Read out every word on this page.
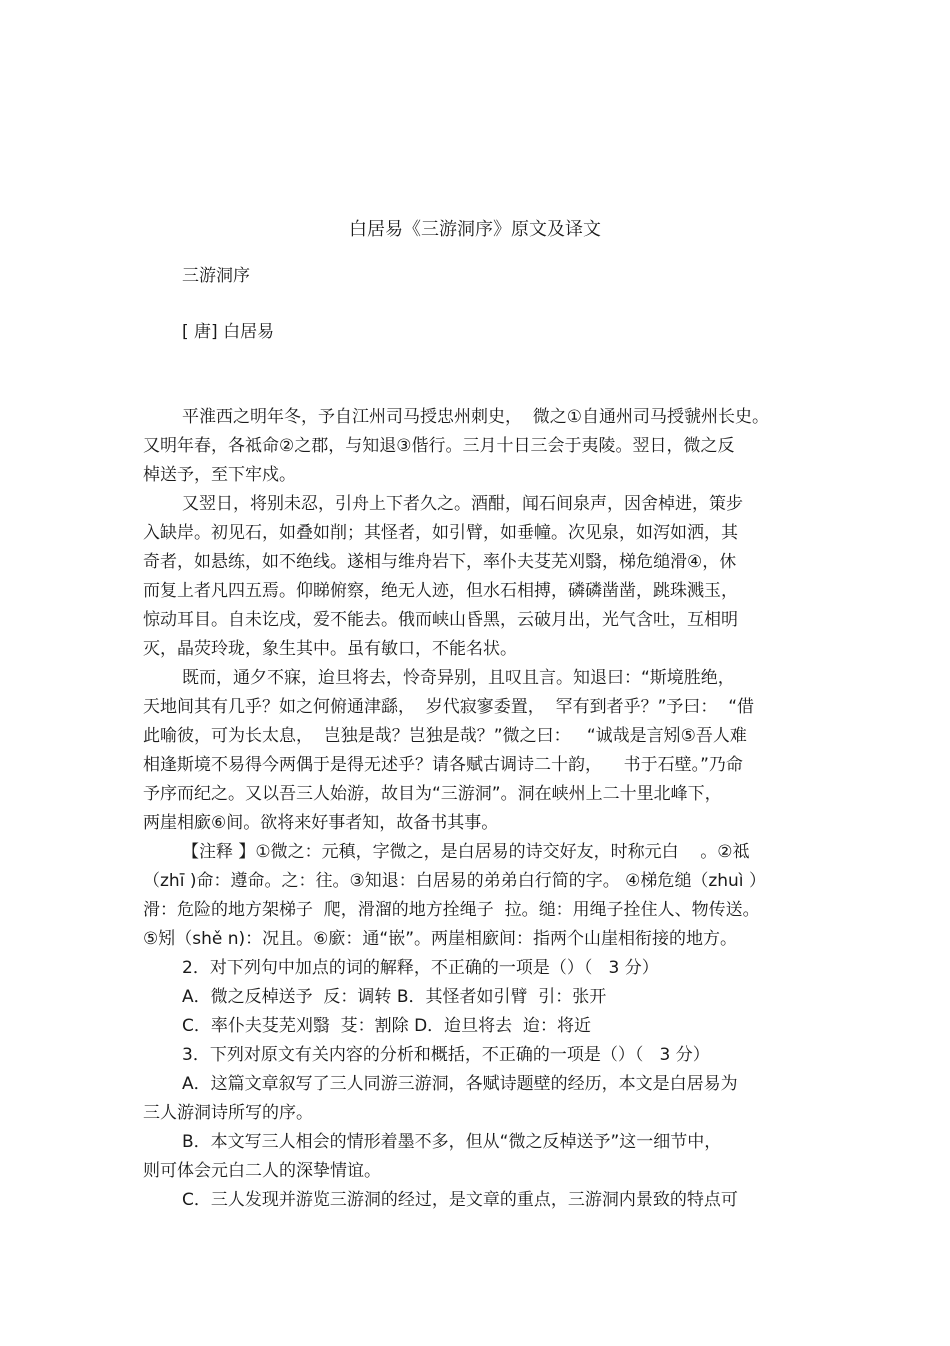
白居易《三游洞序》原文及译文
三游洞序
[ 唐] 白居易
平淮西之明年冬，予自江州司马授忠州刺史，  微之①自通州司马授虢州长史。
又明年春，各祗命②之郡，与知退③偕行。三月十日三会于夷陵。翌日，微之反
棹送予，至下牢戍。
又翌日，将别未忍，引舟上下者久之。酒酣，闻石间泉声，因舍棹进，策步
入缺岸。初见石，如叠如削；其怪者，如引臂，如垂幢。次见泉，如泻如洒，其
奇者，如悬练，如不绝线。遂相与维舟岩下，率仆夫芟芜刈翳，梯危缒滑④，休
而复上者凡四五焉。仰睇俯察，绝无人迹，但水石相搏，磷磷凿凿，跳珠溅玉，
惊动耳目。自未讫戌，爱不能去。俄而峡山昏黑，云破月出，光气含吐，互相明
灭，晶荧玲珑，象生其中。虽有敏口，不能名状。
既而，通夕不寐，迨旦将去，怜奇异别，且叹且言。知退曰：“斯境胜绝，
天地间其有几乎？如之何俯通津繇，  岁代寂寥委置，  罕有到者乎？”予曰：  “借
此喻彼，可为长太息，  岂独是哉？岂独是哉？”微之曰：   “诚哉是言矧⑤吾人难
相逢斯境不易得今两偶于是得无述乎？请各赋古调诗二十韵，    书于石壁。”乃命
予序而纪之。又以吾三人始游，故目为“三游洞”。洞在峡州上二十里北峰下，
两崖相廞⑥间。欲将来好事者知，故备书其事。
【注释 】①微之：元稹，字微之，是白居易的诗交好友，时称元白    。②祗
（zhī )命：遵命。之：往。③知退：白居易的弟弟白行简的字。 ④梯危缒（zhuì ）
滑：危险的地方架梯子  爬，滑溜的地方拴绳子  拉。缒：用绳子拴住人、物传送。
⑤矧（shě n)：况且。⑥廞：通“嵌”。两崖相廞间：指两个山崖相衔接的地方。
2．对下列句中加点的词的解释，不正确的一项是（）（   3 分）
A．微之反棹送予  反：调转 B．其怪者如引臂  引：张开
C．率仆夫芟芜刈翳  芟：割除 D．迨旦将去  迨：将近
3．下列对原文有关内容的分析和概括，不正确的一项是（）（   3 分）
A．这篇文章叙写了三人同游三游洞，各赋诗题壁的经历，本文是白居易为
三人游洞诗所写的序。
B．本文写三人相会的情形着墨不多，但从“微之反棹送予”这一细节中，
则可体会元白二人的深挚情谊。
C．三人发现并游览三游洞的经过，是文章的重点，三游洞内景致的特点可
